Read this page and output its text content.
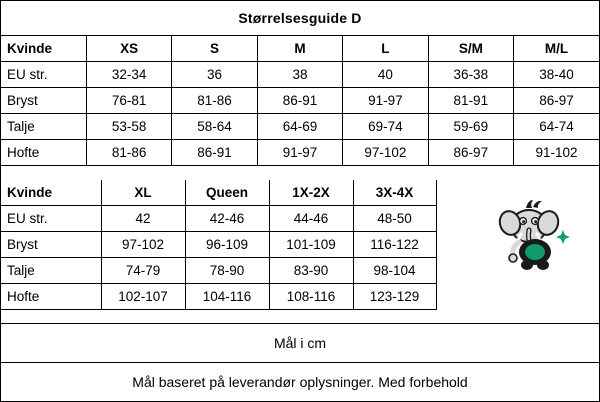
Størrelsesguide D
Kvinde	XS	S	M	L	S/M	M/L
EU str.	32-34	36	38	40	36-38	38-40
Bryst	76-81	81-86	86-91	91-97	81-91	86-97
Talje	53-58	58-64	64-69	69-74	59-69	64-74
Hofte	81-86	86-91	91-97	97-102	86-97	91-102
Kvinde	XL	Queen	1X-2X	3X-4X
EU str.	42	42-46	44-46	48-50
Bryst	97-102	96-109	101-109	116-122
Talje	74-79	78-90	83-90	98-104
Hofte	102-107	104-116	108-116	123-129
Mål i cm
Mål baseret på leverandør oplysninger. Med forbehold
